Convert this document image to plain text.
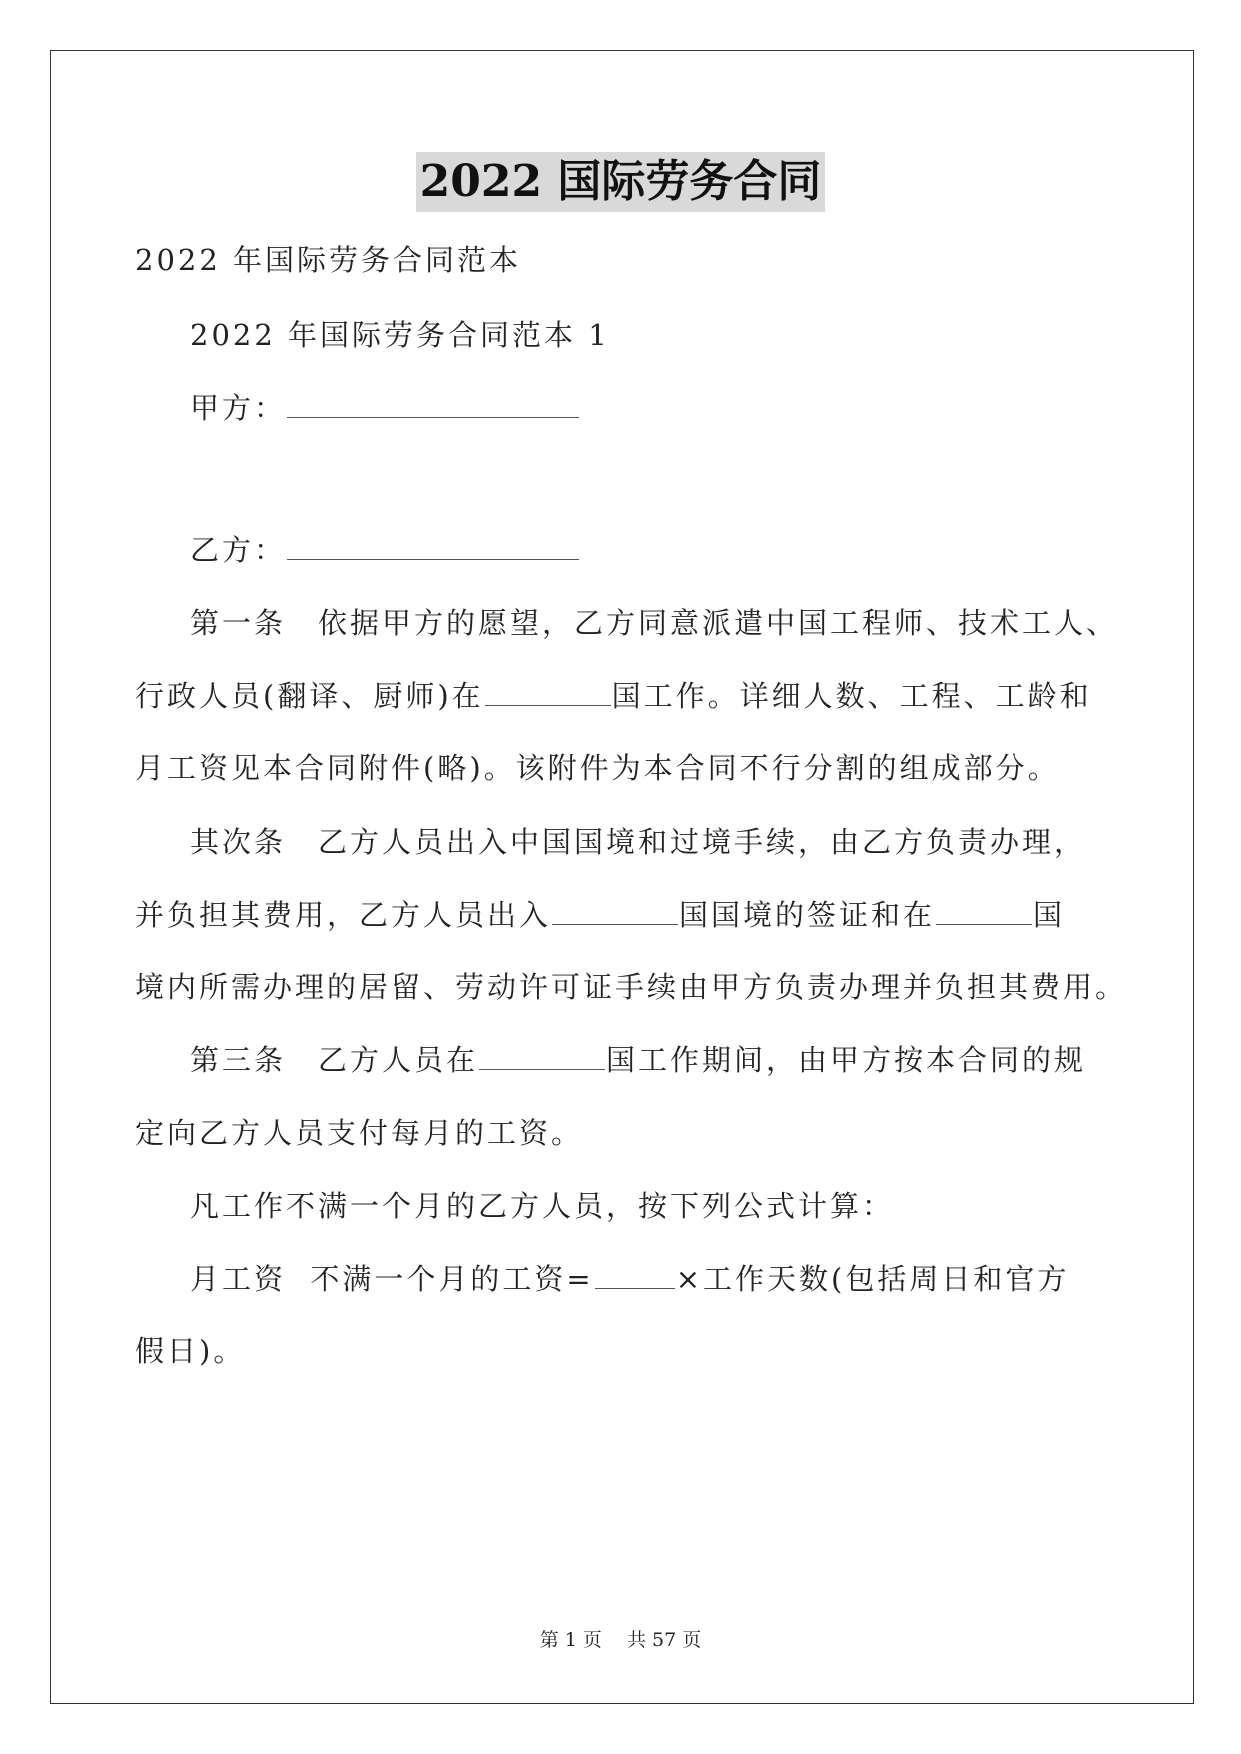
2022 国际劳务合同
2022 年国际劳务合同范本
2022 年国际劳务合同范本 1
甲方：
乙方：
第一条　依据甲方的愿望，乙方同意派遣中国工程师、技术工人、
行政人员(翻译、厨师)在	国工作。详细人数、工程、工龄和
月工资见本合同附件(略)。该附件为本合同不行分割的组成部分。
其次条　乙方人员出入中国国境和过境手续，由乙方负责办理，
并负担其费用，乙方人员出入	国国境的签证和在	国
境内所需办理的居留、劳动许可证手续由甲方负责办理并负担其费用。
第三条　乙方人员在	国工作期间，由甲方按本合同的规
定向乙方人员支付每月的工资。
凡工作不满一个月的乙方人员，按下列公式计算：
月工资  不满一个月的工资=	×工作天数(包括周日和官方
假日)。
第 1 页　 共 57 页
